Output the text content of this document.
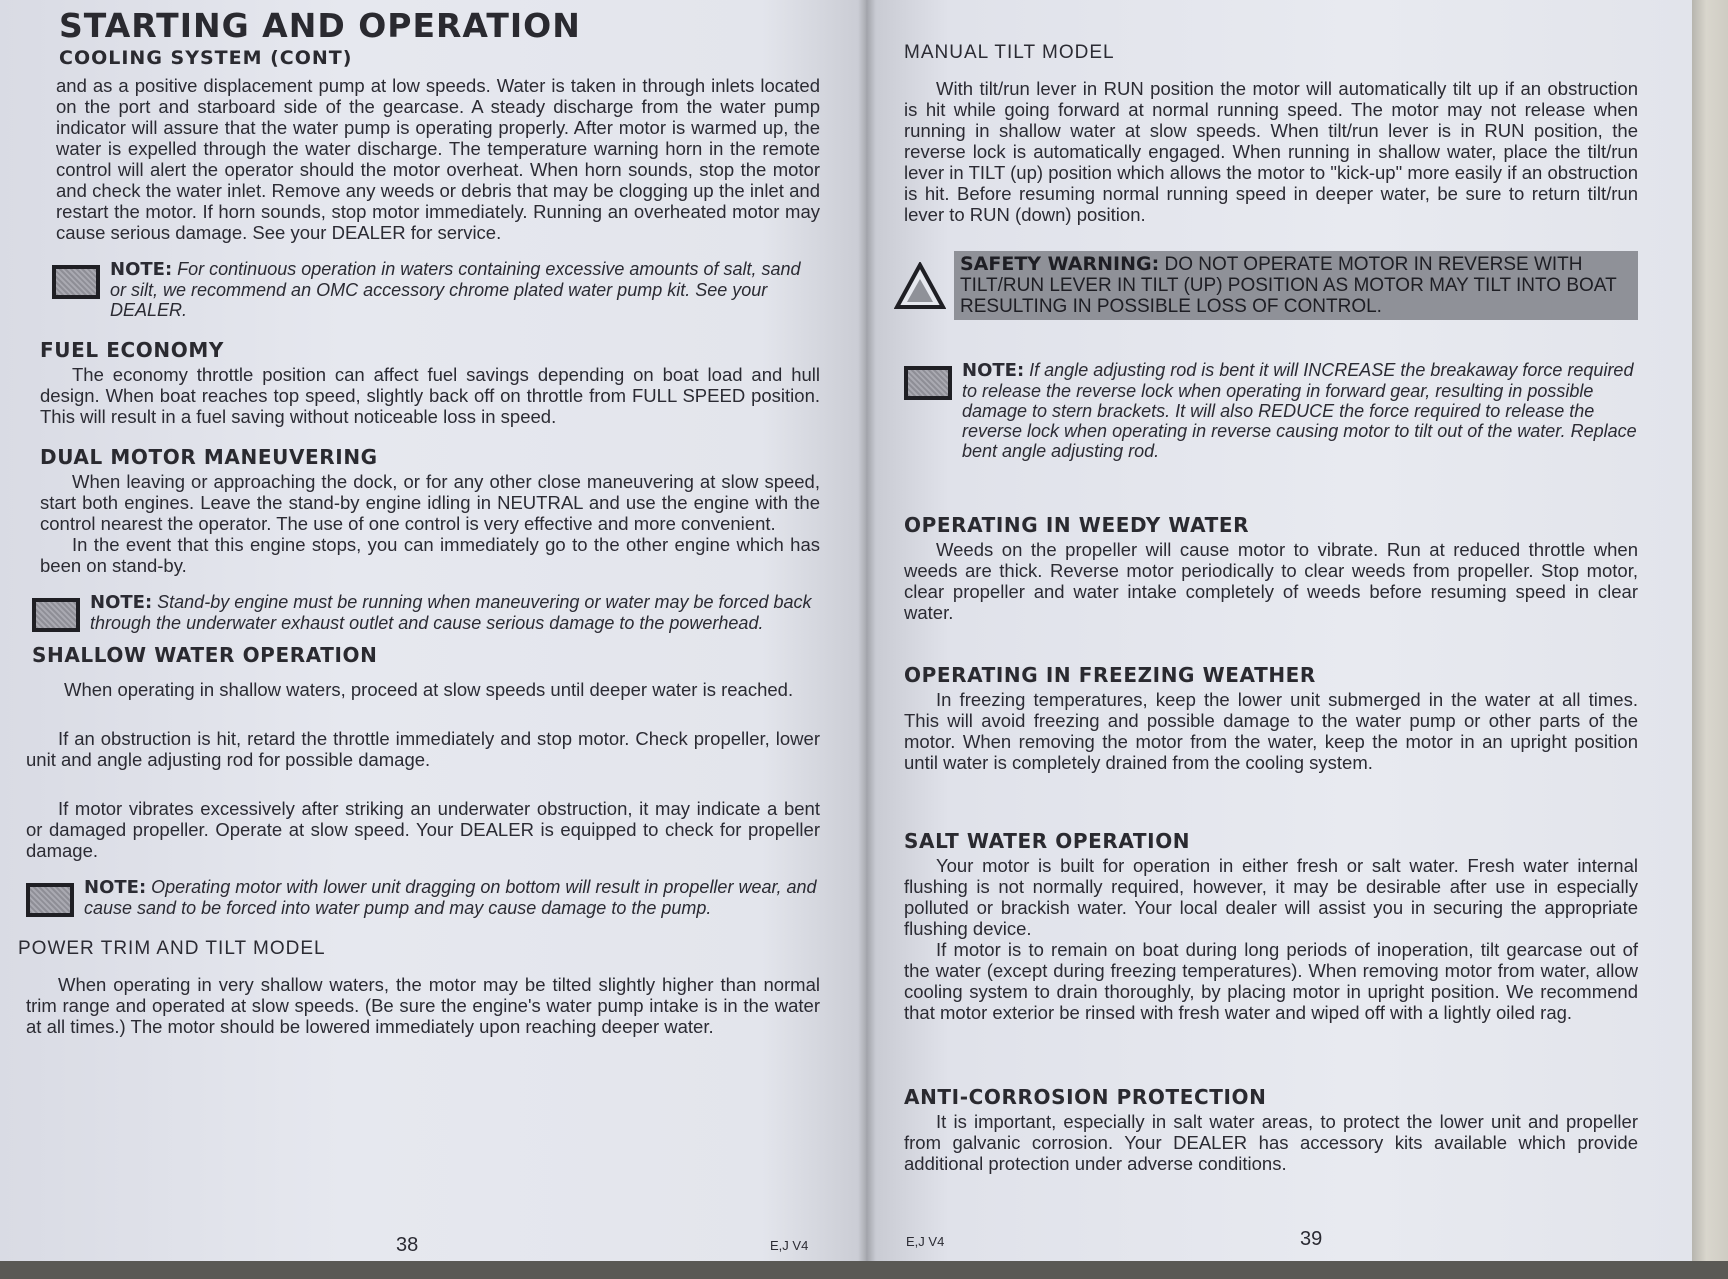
STARTING AND OPERATION
COOLING SYSTEM (CONT)

and as a positive displacement pump at low speeds. Water is taken in through inlets located on the port and starboard side of the gearcase. A steady discharge from the water pump indicator will assure that the water pump is operating properly. After motor is warmed up, the water is expelled through the water discharge. The temperature warning horn in the remote control will alert the operator should the motor overheat. When horn sounds, stop the motor and check the water inlet. Remove any weeds or debris that may be clogging up the inlet and restart the motor. If horn sounds, stop motor immediately. Running an overheated motor may cause serious damage. See your DEALER for service.

NOTE: For continuous operation in waters containing excessive amounts of salt, sand or silt, we recommend an OMC accessory chrome plated water pump kit. See your DEALER.
FUEL ECONOMY

The economy throttle position can affect fuel savings depending on boat load and hull design. When boat reaches top speed, slightly back off on throttle from FULL SPEED position. This will result in a fuel saving without noticeable loss in speed.

DUAL MOTOR MANEUVERING

When leaving or approaching the dock, or for any other close maneuvering at slow speed, start both engines. Leave the stand-by engine idling in NEUTRAL and use the engine with the control nearest the operator. The use of one control is very effective and more convenient.

In the event that this engine stops, you can immediately go to the other engine which has been on stand-by.

NOTE: Stand-by engine must be running when maneuvering or water may be forced back through the underwater exhaust outlet and cause serious damage to the powerhead.
SHALLOW WATER OPERATION

When operating in shallow waters, proceed at slow speeds until deeper water is reached.

If an obstruction is hit, retard the throttle immediately and stop motor. Check propeller, lower unit and angle adjusting rod for possible damage.

If motor vibrates excessively after striking an underwater obstruction, it may indicate a bent or damaged propeller. Operate at slow speed. Your DEALER is equipped to check for propeller damage.

NOTE: Operating motor with lower unit dragging on bottom will result in propeller wear, and cause sand to be forced into water pump and may cause damage to the pump.
POWER TRIM AND TILT MODEL

When operating in very shallow waters, the motor may be tilted slightly higher than normal trim range and operated at slow speeds. (Be sure the engine's water pump intake is in the water at all times.) The motor should be lowered immediately upon reaching deeper water.

38	E,J V4
MANUAL TILT MODEL

With tilt/run lever in RUN position the motor will automatically tilt up if an obstruction is hit while going forward at normal running speed. The motor may not release when running in shallow water at slow speeds. When tilt/run lever is in RUN position, the reverse lock is automatically engaged. When running in shallow water, place the tilt/run lever in TILT (up) position which allows the motor to "kick-up" more easily if an obstruction is hit. Before resuming normal running speed in deeper water, be sure to return tilt/run lever to RUN (down) position.

SAFETY WARNING: DO NOT OPERATE MOTOR IN REVERSE WITH TILT/RUN LEVER IN TILT (UP) POSITION AS MOTOR MAY TILT INTO BOAT RESULTING IN POSSIBLE LOSS OF CONTROL.
NOTE: If angle adjusting rod is bent it will INCREASE the breakaway force required to release the reverse lock when operating in forward gear, resulting in possible damage to stern brackets. It will also REDUCE the force required to release the reverse lock when operating in reverse causing motor to tilt out of the water. Replace bent angle adjusting rod.
OPERATING IN WEEDY WATER

Weeds on the propeller will cause motor to vibrate. Run at reduced throttle when weeds are thick. Reverse motor periodically to clear weeds from propeller. Stop motor, clear propeller and water intake completely of weeds before resuming speed in clear water.

OPERATING IN FREEZING WEATHER

In freezing temperatures, keep the lower unit submerged in the water at all times. This will avoid freezing and possible damage to the water pump or other parts of the motor. When removing the motor from the water, keep the motor in an upright position until water is completely drained from the cooling system.

SALT WATER OPERATION

Your motor is built for operation in either fresh or salt water. Fresh water internal flushing is not normally required, however, it may be desirable after use in especially polluted or brackish water. Your local dealer will assist you in securing the appropriate flushing device.

If motor is to remain on boat during long periods of inoperation, tilt gearcase out of the water (except during freezing temperatures). When removing motor from water, allow cooling system to drain thoroughly, by placing motor in upright position. We recommend that motor exterior be rinsed with fresh water and wiped off with a lightly oiled rag.

ANTI-CORROSION PROTECTION

It is important, especially in salt water areas, to protect the lower unit and propeller from galvanic corrosion. Your DEALER has accessory kits available which provide additional protection under adverse conditions.

E,J V4	39
